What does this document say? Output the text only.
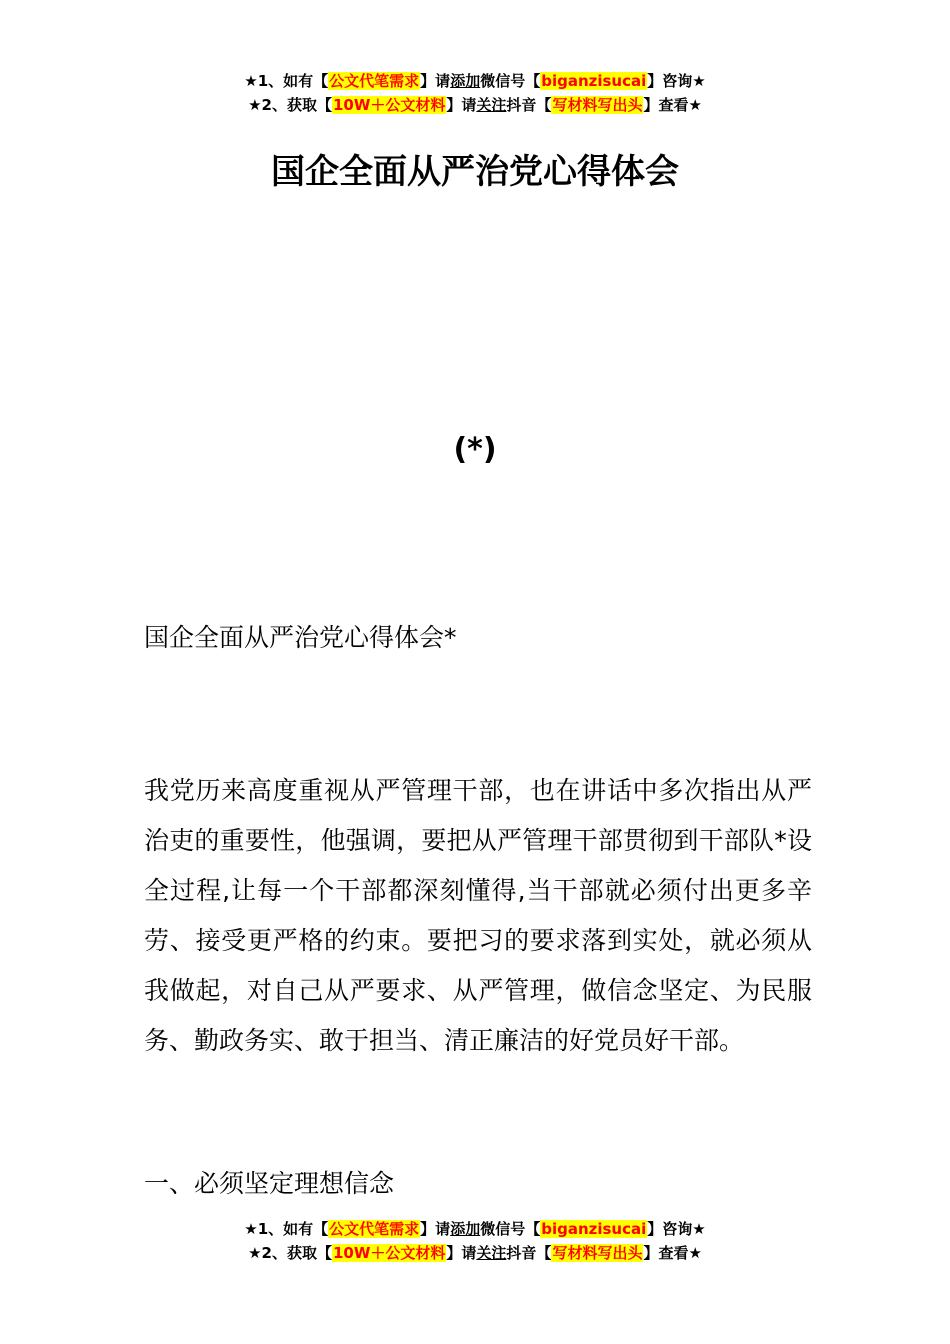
★1、如有【公文代笔需求】请添加微信号【biganzisucai】咨询★
★2、获取【10W＋公文材料】请关注抖音【写材料写出头】查看★
国企全面从严治党心得体会
(*)
国企全面从严治党心得体会*
我党历来高度重视从严管理干部，也在讲话中多次指出从严治吏的重要性，他强调，要把从严管理干部贯彻到干部队*设全过程,让每一个干部都深刻懂得,当干部就必须付出更多辛劳、接受更严格的约束。要把习的要求落到实处，就必须从我做起，对自己从严要求、从严管理，做信念坚定、为民服务、勤政务实、敢于担当、清正廉洁的好党员好干部。
一、必须坚定理想信念
★1、如有【公文代笔需求】请添加微信号【biganzisucai】咨询★
★2、获取【10W＋公文材料】请关注抖音【写材料写出头】查看★
